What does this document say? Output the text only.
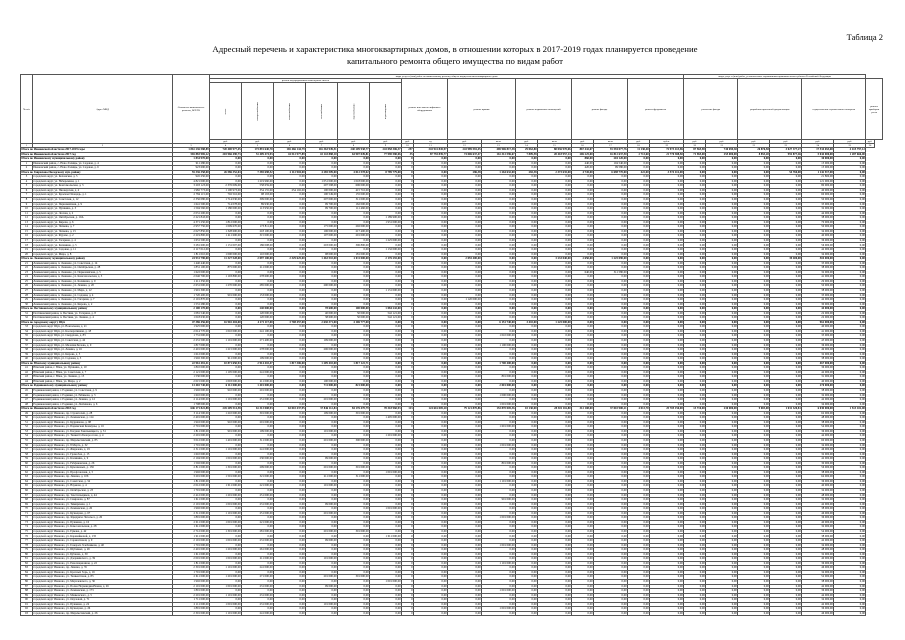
Таблица 2
Адресный перечень и характеристика многоквартирных домов, в отношении которых в 2017-2019 годах планируется проведение
капитального ремонта общего имущества по видам работ
№ п/п	Адрес МКД	Стоимость капитального ремонта, ВСЕГО	виды услуг и (или) работ по капитальному ремонту общего имущества многоквартирного дома																виды услуг и (или) работ, установленные нормативным правовым актом субъекта Российской Федерации						
			ремонт внутридомовых инженерных систем						ремонт или замена лифтового оборудования		ремонт крыши		ремонт подвальных помещений		ремонт фасада		ремонт фундамента		утепление фасада		разработка проектной документации		осуществление строительного контроля		ремонт приборов учета
			всего	электроснабжения	теплоснабжения	газоснабжения	водоснабжения	водоотведения																	
			руб.	руб.	руб.	руб.	руб.	руб.	руб.	ед.	руб.	кв.м.	руб.	кв.м.	руб.	кв.м.	руб.	куб.м.	руб.	руб.	руб.	руб.	руб.	руб.	руб.
1	2	3	4	5	6	7	8	9	10	11	12	13	14	15	16	17	18	19	20	21	22	23	24	25	26
Итого по Ивановской области на 2017-2019 годы		1 861 236 588,89	720 400 977,45	173 891 640,70	165 466 144,79	116 363 949,51	240 209 938,77	243 058 306,37	257	343 941 845,97	243 989 581,45	469 906 817,38	29 063,80	88 036 970,06	867 442,07	91 594 077,76	11 130,40	72 973 413,96	87 565,90	740 659,30	26 876,58	3 027 377,27	17 534 653,00	4 415 797,12	
Итого по Ивановской области на 2017 год		565 883 969,22	203 966 490,73	51 409 474,93	44 512 977,89	43 143 888,10	64 907 049,81	77 990 580,06	35	87 755 839,77	74 006 637,47	161 312 596,67	7 809,58	28 418 957,14	206 225,00	16 812 637,50	2 713,60	21 770 388,50	71 965,00	255 000,00	8 853,20	992 877,46	5 044 000,00	1 287 666,00	
Итого по Ивановскому муниципальному району		1 834 970,00	0,00	0,00	0,00	0,00	0,00	0,00	0	0,00	0,00	0,00	0,00	0,00	860,00	204 120,00	0,00	0,00	0,00	0,00	0,00	0,00	30 000,00	0,00	
1	Ивановский район, с. Ново-Талицы, ул. Садовая, д. 4	911 280,00	0,00	0,00	0,00	0,00	0,00	0,00	0	0,00	0,00	0,00	0,00	0,00	440,00	104 540,00	0,00	0,00	0,00	0,00	0,00	0,00	15 000,00	0,00	
2	Ивановский район, с. Ново-Талицы, ул. Садовая, д. 6	923 690,00	0,00	0,00	0,00	0,00	0,00	0,00	0	0,00	0,00	0,00	0,00	0,00	420,00	99 580,00	0,00	0,00	0,00	0,00	0,00	0,00	15 000,00	0,00	
Итого по Гаврилово-Посадскому мун. району		55 336 358,00	26 586 352,04	7 385 698,52	2 112 904,00	4 285 509,00	4 012 578,02	8 789 779,00	0	0,00	286,38	1 264 632,00	265,38	2 373 635,00	4 745,00	6 698 770,00	422,00	3 574 412,00	0,00	0,00	0,00	54 760,00	1 142 917,00	0,00	
3	городской округ, ул. Кохомская, д. 5	945 250,00	0,00	0,00	0,00	0,00	0,00	0,00	0	0,00	0,00	0,00	0,00	0,00	0,00	0,00	0,00	0,00	0,00	0,00	0,00	0,00	21 800,00	0,00	
4	городской округ, ул. Набережная, д. 1	4 821 000,00	0,00	1 219 960,00	0,00	1 051 000,00	1 018 000,00	0,00	0	0,00	0,00	0,00	0,00	0,00	0,00	0,00	0,00	0,00	0,00	0,00	0,00	0,00	121 000,00	0,00	
5	городской округ, ул. Комсомольская, д. 3	3 203 123,00	2 376 009,00	558 659,00	0,00	297 598,00	606 000,00	0,00	0	0,00	0,00	0,00	0,00	0,00	0,00	0,00	0,00	0,00	0,00	0,00	0,00	0,00	80 000,00	0,00	
6	городской округ, ул. Пионерская, д. 4	1 982 773,00	1 100 973,00	354 155,00	254 102,00	100 000,00	415 716,00	0,00	0	0,00	0,00	0,00	0,00	0,00	0,00	0,00	0,00	0,00	0,00	0,00	0,00	0,00	40 000,00	0,00	
7	городской округ, ул. Красная Площадь, д. 1	2 784 115,00	702 516,00	98 193,00	0,00	100 549,00	155 000,00	0,00	0	0,00	0,00	0,00	0,00	0,00	0,00	0,00	0,00	0,00	0,00	0,00	0,00	0,00	60 000,00	0,00	
8	городской округ, ул. Советская, д. 12	2 356 080,00	1 714 030,00	399 000,00	0,00	207 000,00	311 000,00	0,00	0	0,00	0,00	0,00	0,00	0,00	0,00	0,00	0,00	0,00	0,00	0,00	0,00	0,00	50 000,00	0,00	
9	городской округ, ул. Первомайская, д. 9	1 641 500,00	714 078,00	89 930,00	0,00	99 700,00	162 000,00	0,00	0	0,00	0,00	0,00	0,00	0,00	0,00	0,00	0,00	0,00	0,00	0,00	0,00	0,00	35 000,00	0,00	
10	городской округ, ул. Пушкина, д. 3	1 594 560,00	1 180 000,00	113 950,00	0,00	99 700,00	111 460,00	0,00	0	0,00	0,00	0,00	0,00	0,00	0,00	0,00	0,00	0,00	0,00	0,00	0,00	0,00	32 000,00	0,00	
11	городской округ, ул. Лесная, д. 2	2 031 200,00	0,00	0,00	0,00	0,00	0,00	0,00	0	0,00	0,00	0,00	0,00	0,00	0,00	0,00	0,00	0,00	0,00	0,00	0,00	0,00	44 000,00	0,00	
12	городской округ, ул. Октябрьская, д. 10А	2 221 843,00	0,00	0,00	0,00	0,00	0,00	1 189 900,00	0	0,00	0,00	0,00	0,00	0,00	0,00	0,00	0,00	0,00	0,00	0,00	0,00	0,00	38 000,00	0,00	
13	городской округ, ул. Кирова, д. 6	4 371 250,00	1 812 000,00	0,00	0,00	0,00	0,00	1 931 000,00	0	0,00	0,00	0,00	0,00	0,00	0,00	0,00	0,00	0,00	0,00	0,00	0,00	0,00	70 000,00	0,00	
14	городской округ, ул. Чапаева, д. 7	2 957 750,00	1 099 670,00	173 811,00	0,00	175 000,00	292 000,00	0,00	0	0,00	0,00	0,00	0,00	0,00	0,00	0,00	0,00	0,00	0,00	0,00	0,00	0,00	50 000,00	0,00	
15	городской округ, ул. Чапаева, д. 15	2 027 850,00	1 328 600,00	218 100,00	0,00	106 000,00	217 400,00	0,00	0	0,00	0,00	0,00	0,00	0,00	0,00	0,00	0,00	0,00	0,00	0,00	0,00	0,00	34 000,00	0,00	
16	городской округ, ул. Фрунзе, д. 2	2 219 800,00	1 411 600,00	315 000,00	0,00	107 000,00	201 000,00	0,00	0	0,00	0,00	0,00	0,00	0,00	0,00	0,00	0,00	0,00	0,00	0,00	0,00	0,00	40 000,00	0,00	
17	городской округ, ул. Гагарина, д. 4	1 631 500,00	0,00	0,00	0,00	0,00	0,00	1 225 000,00	0	0,00	0,00	0,00	0,00	0,00	0,00	0,00	0,00	0,00	0,00	0,00	0,00	0,00	36 000,00	0,00	
18	городской округ, ул. Калинина, д. 5	3 281 600,00	1 131 007,00	186 008,00	0,00	203 000,00	306 800,00	0,00	0	0,00	0,00	0,00	0,00	0,00	0,00	0,00	0,00	0,00	0,00	0,00	0,00	0,00	56 000,00	0,00	
19	городской округ, ул. Садовая, д. 11	2 117 012,00	0,00	0,00	0,00	0,00	0,00	1 132 000,00	0	0,00	0,00	0,00	0,00	0,00	0,00	0,00	0,00	0,00	0,00	0,00	0,00	0,00	42 000,00	0,00	
20	городской округ, ул. Мира, д. 8	1 811 010,00	1 000 000,00	110 000,00	0,00	98 000,00	181 000,00	0,00	0	0,00	0,00	0,00	0,00	0,00	0,00	0,00	0,00	0,00	0,00	0,00	0,00	0,00	34 000,00	0,00	
Итого по Лежневскому муниципальному району		24 931 790,00	11 327 528,00	2 097 100,00	2 329 625,00	1 463 510,00	2 011 000,00	2 176 292,00	0	0,00	2 055 400,00	0,00	0,00	3 233 040,00	2 650,00	1 225 090,00	0,00	0,00	0,00	0,00	0,00	39 400,00	504 000,00	0,00	
21	Лежневский район, п. Лежнево, ул. Советская, д. 14	1 440 440,00	0,00	0,00	0,00	0,00	0,00	0,00	0	0,00	0,00	0,00	0,00	0,00	0,00	0,00	0,00	0,00	0,00	0,00	0,00	0,00	33 000,00	0,00	
22	Лежневский район, п. Лежнево, ул. Октябрьская, д. 28	1 831 100,00	875 000,00	211 000,00	0,00	0,00	0,00	0,00	0	0,00	0,00	0,00	0,00	0,00	0,00	0,00	0,00	0,00	0,00	0,00	0,00	0,00	38 000,00	0,00	
23	Лежневский район, п. Лежнево, ул. Первомайская, д. 5	1 622 000,00	0,00	0,00	0,00	0,00	0,00	0,00	0	0,00	0,00	0,00	0,00	0,00	640,00	311 580,00	0,00	0,00	0,00	0,00	0,00	0,00	32 000,00	0,00	
24	Лежневский район, п. Лежнево, ул. Комсомольская, д. 3	2 046 700,00	1 193 800,00	278 600,00	0,00	0,00	0,00	0,00	0	0,00	0,00	0,00	0,00	0,00	0,00	0,00	0,00	0,00	0,00	0,00	0,00	0,00	41 000,00	0,00	
25	Лежневский район, п. Лежнево, ул. Калинина, д. 9	1 211 350,00	0,00	0,00	0,00	0,00	0,00	0,00	0	0,00	0,00	0,00	0,00	0,00	0,00	0,00	0,00	0,00	0,00	0,00	0,00	0,00	29 000,00	0,00	
26	Лежневский район, п. Лежнево, ул. Ленина, д. 20	2 631 000,00	1 270 000,00	285 000,00	0,00	290 000,00	0,00	0,00	0	0,00	0,00	0,00	0,00	0,00	0,00	0,00	0,00	0,00	0,00	0,00	0,00	0,00	50 000,00	0,00	
27	Лежневский район, п. Лежнево, ул. Мира, д. 12	1 901 300,00	0,00	0,00	0,00	0,00	0,00	1 131 000,00	0	0,00	0,00	0,00	0,00	0,00	0,00	0,00	0,00	0,00	0,00	0,00	0,00	0,00	38 000,00	0,00	
28	Лежневский район, п. Лежнево, ул. Садовая, д. 4	1 720 400,00	901 000,00	153 000,00	0,00	0,00	0,00	0,00	0	0,00	0,00	0,00	0,00	0,00	0,00	0,00	0,00	0,00	0,00	0,00	0,00	0,00	35 000,00	0,00	
29	Лежневский район, п. Лежнево, ул. Гагарина, д. 7	2 101 870,00	0,00	0,00	0,00	0,00	0,00	0,00	0	0,00	1 120 000,00	0,00	0,00	0,00	0,00	0,00	0,00	0,00	0,00	0,00	0,00	0,00	42 000,00	0,00	
30	Лежневский район, п. Лежнево, ул. Кирова, д. 2	1 531 280,00	0,00	0,00	0,00	0,00	0,00	0,00	0	0,00	0,00	0,00	0,00	0,00	0,00	0,00	0,00	0,00	0,00	0,00	0,00	0,00	30 000,00	0,00	
Итого по Пестяковскому муниципальному району		2 100 170,00	0,00	240 000,00	0,00	78 600,00	100 000,00	1 084 242,00	1	0,00	0,00	0,00	0,00	0,00	0,00	0,00	0,00	0,00	0,00	0,00	0,00	0,00	44 000,00	0,00	
31	Пестяковский район, п. Пестяки, ул. Гагарина, д. 8	1 081 540,00	0,00	120 000,00	0,00	40 000,00	50 000,00	542 121,00	1	0,00	0,00	0,00	0,00	0,00	0,00	0,00	0,00	0,00	0,00	0,00	0,00	0,00	22 000,00	0,00	
32	Пестяковский район, п. Пестяки, ул. Ленина, д. 4	1 018 630,00	0,00	120 000,00	0,00	38 600,00	50 000,00	542 121,00	0	0,00	0,00	0,00	0,00	0,00	0,00	0,00	0,00	0,00	0,00	0,00	0,00	0,00	22 000,00	0,00	
Итого по городскому округу Шуя		47 386 456,00	16 902 404,00	4 271 117,00	3 708 457,00	2 630 371,00	4 106 777,00	0,00	0	0,00	0,00	6 151 740,00	3 410,00	1 225 000,00	0,00	0,00	0,00	0,00	0,00	0,00	0,00	0,00	962 000,00	0,00	
33	городской округ Шуя, ул. Вокзальная, д. 21	1 925 000,00	0,00	0,00	0,00	0,00	0,00	0,00	0	0,00	0,00	0,00	0,00	0,00	0,00	0,00	0,00	0,00	0,00	0,00	0,00	0,00	40 000,00	0,00	
34	городской округ Шуя, ул. Кооперативная, д. 18	2 014 770,00	1 010 000,00	241 100,00	0,00	0,00	0,00	0,00	0	0,00	0,00	0,00	0,00	0,00	0,00	0,00	0,00	0,00	0,00	0,00	0,00	0,00	41 000,00	0,00	
35	городской округ Шуя, ул. Свердлова, д. 83	1 731 000,00	0,00	0,00	0,00	0,00	0,00	0,00	0	0,00	0,00	1 010 000,00	0,00	0,00	0,00	0,00	0,00	0,00	0,00	0,00	0,00	0,00	35 000,00	0,00	
36	городской округ Шуя, ул. Советская, д. 42	2 231 500,00	1 101 000,00	271 400,00	0,00	199 000,00	0,00	0,00	0	0,00	0,00	0,00	0,00	0,00	0,00	0,00	0,00	0,00	0,00	0,00	0,00	0,00	45 000,00	0,00	
37	городской округ Шуя, ул. Малахия Белова, д. 9	1 817 000,00	0,00	0,00	0,00	0,00	0,00	0,00	0	0,00	0,00	1 100 000,00	0,00	0,00	0,00	0,00	0,00	0,00	0,00	0,00	0,00	0,00	36 000,00	0,00	
38	городской округ Шуя, ул. Ленина, д. 16	2 401 000,00	1 215 000,00	278 000,00	0,00	206 000,00	0,00	0,00	0	0,00	0,00	0,00	0,00	0,00	0,00	0,00	0,00	0,00	0,00	0,00	0,00	0,00	49 000,00	0,00	
39	городской округ Шуя, ул. Кирова, д. 5	1 612 000,00	0,00	0,00	0,00	0,00	0,00	0,00	0	0,00	0,00	0,00	0,00	0,00	0,00	0,00	0,00	0,00	0,00	0,00	0,00	0,00	32 000,00	0,00	
40	городской округ Шуя, ул. Садовая, д. 3	1 902 300,00	911 000,00	199 000,00	0,00	0,00	0,00	0,00	0	0,00	0,00	0,00	0,00	0,00	0,00	0,00	0,00	0,00	0,00	0,00	0,00	0,00	38 000,00	0,00	
Итого по Южскому муниципальному району		22 961 481,41	10 871 650,94	2 914 410,47	1 817 306,00	1 209 410,00	1 817 122,71	0,00	0	0,00	0,00	1 700 400,00	0,00	0,00	0,00	0,00	0,00	0,00	0,00	0,00	0,00	0,00	467 000,00	0,00	
41	Южский район, г. Южа, ул. Пушкина, д. 10	1 810 000,00	0,00	0,00	0,00	0,00	0,00	0,00	0	0,00	0,00	0,00	0,00	0,00	0,00	0,00	0,00	0,00	0,00	0,00	0,00	0,00	36 000,00	0,00	
42	Южский район, г. Южа, ул. Советская, д. 7	2 121 000,00	1 105 000,00	241 000,00	0,00	0,00	0,00	0,00	0	0,00	0,00	0,00	0,00	0,00	0,00	0,00	0,00	0,00	0,00	0,00	0,00	0,00	42 000,00	0,00	
43	Южский район, г. Южа, ул. Ленина, д. 15	1 530 000,00	0,00	0,00	0,00	0,00	0,00	0,00	0	0,00	0,00	801 000,00	0,00	0,00	0,00	0,00	0,00	0,00	0,00	0,00	0,00	0,00	31 000,00	0,00	
44	Южский район, г. Южа, ул. Мира, д. 2	2 015 000,00	1 003 000,00	211 000,00	0,00	100 000,00	0,00	0,00	0	0,00	0,00	0,00	0,00	0,00	0,00	0,00	0,00	0,00	0,00	0,00	0,00	0,00	40 000,00	0,00	
Итого по Родниковскому муниципальному району		13 402 740,00	6 112 000,00	1 401 000,00	0,00	711 000,00	821 000,00	0,00	0	0,00	0,00	2 001 000,00	0,00	0,00	0,00	0,00	0,00	0,00	0,00	0,00	0,00	0,00	270 000,00	0,00	
45	Родниковский район, г. Родники, ул. Советская, д. 9	1 902 000,00	910 000,00	201 000,00	0,00	0,00	0,00	0,00	0	0,00	0,00	0,00	0,00	0,00	0,00	0,00	0,00	0,00	0,00	0,00	0,00	0,00	38 000,00	0,00	
46	Родниковский район, г. Родники, ул. Рябикова, д. 3	1 610 000,00	0,00	0,00	0,00	0,00	0,00	0,00	0	0,00	0,00	1 000 000,00	0,00	0,00	0,00	0,00	0,00	0,00	0,00	0,00	0,00	0,00	32 000,00	0,00	
47	Родниковский район, г. Родники, ул. Ленина, д. 12	2 114 000,00	1 101 000,00	251 000,00	0,00	201 000,00	0,00	0,00	0	0,00	0,00	0,00	0,00	0,00	0,00	0,00	0,00	0,00	0,00	0,00	0,00	0,00	42 000,00	0,00	
48	Родниковский район, г. Родники, ул. Любимова, д. 6	1 708 000,00	0,00	0,00	0,00	0,00	0,00	0,00	0	0,00	0,00	1 001 000,00	0,00	0,00	0,00	0,00	0,00	0,00	0,00	0,00	0,00	0,00	34 000,00	0,00	
Итого по Ивановской области на 2018 год		646 171 822,88	245 209 514,58	61 313 008,93	63 010 437,95	37 846 112,84	84 176 470,79	78 318 960,93	113	124 616 005,20	79 121 870,86	153 870 005,36	10 130,00	28 301 116,80	312 108,00	37 010 900,21	4 013,70	25 705 150,00	13 710,00	230 000,00	9 003,00	1 031 320,81	6 030 000,00	1 513 102,00	
49	городской округ Иваново, пр. Строителей, д. 28	3 114 500,00	1 210 000,00	301 000,00	0,00	199 000,00	301 000,00	0,00	0	0,00	0,00	0,00	0,00	0,00	0,00	0,00	0,00	0,00	0,00	0,00	0,00	0,00	62 000,00	0,00	
50	городской округ Иваново, ул. Лежневская, д. 114	2 401 000,00	0,00	0,00	0,00	0,00	0,00	1 405 000,00	0	0,00	0,00	0,00	0,00	0,00	0,00	0,00	0,00	0,00	0,00	0,00	0,00	0,00	48 000,00	0,00	
51	городской округ Иваново, ул. Кудряшова, д. 98	1 916 000,00	910 000,00	201 000,00	0,00	0,00	0,00	0,00	0	0,00	0,00	0,00	0,00	0,00	0,00	0,00	0,00	0,00	0,00	0,00	0,00	0,00	38 000,00	0,00	
52	городской округ Иваново, ул. Парижской Коммуны, д. 16	2 701 000,00	0,00	0,00	0,00	0,00	0,00	0,00	0	0,00	0,00	1 601 000,00	0,00	0,00	0,00	0,00	0,00	0,00	0,00	0,00	0,00	0,00	54 000,00	0,00	
53	городской округ Иваново, ул. Богдана Хмельницкого, д. 31	1 811 000,00	901 000,00	199 000,00	0,00	101 000,00	0,00	0,00	0	0,00	0,00	0,00	0,00	0,00	0,00	0,00	0,00	0,00	0,00	0,00	0,00	0,00	36 000,00	0,00	
54	городской округ Иваново, ул. Танкиста Белороссова, д. 4	2 201 000,00	0,00	0,00	0,00	0,00	0,00	1 201 000,00	0	0,00	0,00	0,00	0,00	0,00	0,00	0,00	0,00	0,00	0,00	0,00	0,00	0,00	44 000,00	0,00	
55	городской округ Иваново, пр. Шереметевский, д. 85	3 012 000,00	1 401 000,00	311 000,00	0,00	201 000,00	300 000,00	0,00	0	0,00	0,00	0,00	0,00	0,00	0,00	0,00	0,00	0,00	0,00	0,00	0,00	0,00	60 000,00	0,00	
56	городской округ Иваново, ул. 8 Марта, д. 32	1 701 000,00	0,00	0,00	0,00	0,00	0,00	0,00	0	0,00	0,00	1 001 000,00	0,00	0,00	0,00	0,00	0,00	0,00	0,00	0,00	0,00	0,00	34 000,00	0,00	
57	городской округ Иваново, ул. Жиделева, д. 19	2 311 000,00	1 101 000,00	241 000,00	0,00	0,00	0,00	0,00	0	0,00	0,00	0,00	0,00	0,00	0,00	0,00	0,00	0,00	0,00	0,00	0,00	0,00	46 000,00	0,00	
58	городской округ Иваново, ул. Громобоя, д. 15	1 610 000,00	0,00	0,00	0,00	0,00	0,00	0,00	0	0,00	0,00	0,00	0,00	0,00	0,00	0,00	0,00	0,00	0,00	0,00	0,00	0,00	32 000,00	0,00	
59	городской округ Иваново, ул. Калинина, д. 9	2 104 000,00	1 001 000,00	230 000,00	0,00	99 000,00	0,00	0,00	0	0,00	0,00	0,00	0,00	0,00	0,00	0,00	0,00	0,00	0,00	0,00	0,00	0,00	42 000,00	0,00	
60	городской округ Иваново, ул. Рабфаковская, д. 26	1 502 000,00	0,00	0,00	0,00	0,00	0,00	0,00	0	0,00	0,00	801 000,00	0,00	0,00	0,00	0,00	0,00	0,00	0,00	0,00	0,00	0,00	30 000,00	0,00	
61	городской округ Иваново, ул. Куконковых, д. 136	2 811 000,00	1 301 000,00	299 000,00	0,00	201 000,00	301 000,00	0,00	0	0,00	0,00	0,00	0,00	0,00	0,00	0,00	0,00	0,00	0,00	0,00	0,00	0,00	56 000,00	0,00	
62	городской округ Иваново, ул. Профсоюзная, д. 5	1 902 000,00	0,00	0,00	0,00	0,00	0,00	1 001 000,00	0	0,00	0,00	0,00	0,00	0,00	0,00	0,00	0,00	0,00	0,00	0,00	0,00	0,00	38 000,00	0,00	
63	городской округ Иваново, пр. Ленина, д. 106	3 201 000,00	1 501 000,00	321 000,00	0,00	211 000,00	311 000,00	0,00	0	0,00	0,00	0,00	0,00	0,00	0,00	0,00	0,00	0,00	0,00	0,00	0,00	0,00	64 000,00	0,00	
64	городской округ Иваново, ул. Советская, д. 34	1 811 000,00	0,00	0,00	0,00	0,00	0,00	0,00	0	0,00	0,00	1 101 000,00	0,00	0,00	0,00	0,00	0,00	0,00	0,00	0,00	0,00	0,00	36 000,00	0,00	
65	городской округ Иваново, ул. Наумова, д. 4	2 012 000,00	1 011 000,00	221 000,00	0,00	101 000,00	0,00	0,00	0	0,00	0,00	0,00	0,00	0,00	0,00	0,00	0,00	0,00	0,00	0,00	0,00	0,00	40 000,00	0,00	
66	городской округ Иваново, ул. Октябрьская, д. 23	1 701 000,00	0,00	0,00	0,00	0,00	0,00	0,00	0	0,00	0,00	0,00	0,00	0,00	0,00	0,00	0,00	0,00	0,00	0,00	0,00	0,00	34 000,00	0,00	
67	городской округ Иваново, пр. Текстильщиков, д. 44	2 412 000,00	1 201 000,00	251 000,00	0,00	0,00	0,00	0,00	0	0,00	0,00	0,00	0,00	0,00	0,00	0,00	0,00	0,00	0,00	0,00	0,00	0,00	48 000,00	0,00	
68	городской округ Иваново, ул. Смирнова, д. 87	1 611 000,00	0,00	0,00	0,00	0,00	0,00	0,00	0	0,00	0,00	901 000,00	0,00	0,00	0,00	0,00	0,00	0,00	0,00	0,00	0,00	0,00	32 000,00	0,00	
69	городской округ Иваново, ул. Тимирязева, д. 1	2 101 000,00	1 001 000,00	231 000,00	0,00	99 000,00	0,00	0,00	0	0,00	0,00	0,00	0,00	0,00	0,00	0,00	0,00	0,00	0,00	0,00	0,00	0,00	42 000,00	0,00	
70	городской округ Иваново, ул. Лежневская, д. 26	1 902 000,00	0,00	0,00	0,00	0,00	0,00	1 001 000,00	0	0,00	0,00	0,00	0,00	0,00	0,00	0,00	0,00	0,00	0,00	0,00	0,00	0,00	38 000,00	0,00	
71	городской округ Иваново, ул. Кузнецова, д. 67	2 311 000,00	1 101 000,00	251 000,00	0,00	201 000,00	0,00	0,00	0	0,00	0,00	0,00	0,00	0,00	0,00	0,00	0,00	0,00	0,00	0,00	0,00	0,00	46 000,00	0,00	
72	городской округ Иваново, пр. Фридриха Энгельса, д. 26	1 801 000,00	0,00	0,00	0,00	0,00	0,00	0,00	0	0,00	0,00	1 001 000,00	0,00	0,00	0,00	0,00	0,00	0,00	0,00	0,00	0,00	0,00	36 000,00	0,00	
73	городской округ Иваново, ул. Пушкина, д. 16	2 011 000,00	1 001 000,00	221 000,00	0,00	0,00	0,00	0,00	0	0,00	0,00	0,00	0,00	0,00	0,00	0,00	0,00	0,00	0,00	0,00	0,00	0,00	40 000,00	0,00	
74	городской округ Иваново, ул. Комсомольская, д. 28	1 611 000,00	0,00	0,00	0,00	0,00	0,00	0,00	0	0,00	0,00	0,00	0,00	0,00	0,00	0,00	0,00	0,00	0,00	0,00	0,00	0,00	32 000,00	0,00	
75	городской округ Иваново, ул. Ермака, д. 42	2 712 000,00	1 301 000,00	281 000,00	0,00	201 000,00	301 000,00	0,00	0	0,00	0,00	0,00	0,00	0,00	0,00	0,00	0,00	0,00	0,00	0,00	0,00	0,00	54 000,00	0,00	
76	городской округ Иваново, ул. Каравайковой, д. 135	1 911 000,00	0,00	0,00	0,00	0,00	0,00	1 011 000,00	0	0,00	0,00	0,00	0,00	0,00	0,00	0,00	0,00	0,00	0,00	0,00	0,00	0,00	38 000,00	0,00	
77	городской округ Иваново, ул. Сарментовой, д. 9	2 101 000,00	1 001 000,00	231 000,00	0,00	99 000,00	0,00	0,00	0	0,00	0,00	0,00	0,00	0,00	0,00	0,00	0,00	0,00	0,00	0,00	0,00	0,00	42 000,00	0,00	
78	городской округ Иваново, ул. Генерала Хлебникова, д. 40	1 701 000,00	0,00	0,00	0,00	0,00	0,00	0,00	0	0,00	0,00	1 001 000,00	0,00	0,00	0,00	0,00	0,00	0,00	0,00	0,00	0,00	0,00	34 000,00	0,00	
79	городской округ Иваново, ул. Шубиных, д. 26	2 401 000,00	1 201 000,00	261 000,00	0,00	0,00	0,00	0,00	0	0,00	0,00	0,00	0,00	0,00	0,00	0,00	0,00	0,00	0,00	0,00	0,00	0,00	48 000,00	0,00	
80	городской округ Иваново, ул. Бубнова, д. 30	1 611 000,00	0,00	0,00	0,00	0,00	0,00	0,00	0	0,00	0,00	0,00	0,00	0,00	0,00	0,00	0,00	0,00	0,00	0,00	0,00	0,00	32 000,00	0,00	
81	городской округ Иваново, ул. Дзержинского, д. 39	2 001 000,00	1 001 000,00	211 000,00	0,00	101 000,00	0,00	0,00	0	0,00	0,00	0,00	0,00	0,00	0,00	0,00	0,00	0,00	0,00	0,00	0,00	0,00	40 000,00	0,00	
82	городской округ Иваново, ул. Революционная, д. 22	1 811 000,00	0,00	0,00	0,00	0,00	0,00	0,00	0	0,00	0,00	1 101 000,00	0,00	0,00	0,00	0,00	0,00	0,00	0,00	0,00	0,00	0,00	36 000,00	0,00	
83	городской округ Иваново, пр. Ленина, д. 35	2 301 000,00	1 101 000,00	241 000,00	0,00	0,00	0,00	0,00	0	0,00	0,00	0,00	0,00	0,00	0,00	0,00	0,00	0,00	0,00	0,00	0,00	0,00	46 000,00	0,00	
84	городской округ Иваново, ул. Красных Зорь, д. 16	1 701 000,00	0,00	0,00	0,00	0,00	0,00	0,00	0	0,00	0,00	0,00	0,00	0,00	0,00	0,00	0,00	0,00	0,00	0,00	0,00	0,00	34 000,00	0,00	
85	городской округ Иваново, ул. Ташкентская, д. 83	2 611 000,00	1 201 000,00	271 000,00	0,00	201 000,00	301 000,00	0,00	0	0,00	0,00	0,00	0,00	0,00	0,00	0,00	0,00	0,00	0,00	0,00	0,00	0,00	52 000,00	0,00	
86	городской округ Иваново, ул. Мархлевского, д. 36	1 902 000,00	0,00	0,00	0,00	0,00	0,00	1 001 000,00	0	0,00	0,00	0,00	0,00	0,00	0,00	0,00	0,00	0,00	0,00	0,00	0,00	0,00	38 000,00	0,00	
87	городской округ Иваново, ул. Полка Нормандия-Неман, д. 26	2 101 000,00	1 001 000,00	231 000,00	0,00	99 000,00	0,00	0,00	0	0,00	0,00	0,00	0,00	0,00	0,00	0,00	0,00	0,00	0,00	0,00	0,00	0,00	42 000,00	0,00	
88	городской округ Иваново, ул. Лежневская, д. 173	1 801 000,00	0,00	0,00	0,00	0,00	0,00	0,00	0	0,00	0,00	1 001 000,00	0,00	0,00	0,00	0,00	0,00	0,00	0,00	0,00	0,00	0,00	36 000,00	0,00	
89	городской округ Иваново, ул. Маяковского, д. 5	2 201 000,00	1 101 000,00	231 000,00	0,00	0,00	0,00	0,00	0	0,00	0,00	0,00	0,00	0,00	0,00	0,00	0,00	0,00	0,00	0,00	0,00	0,00	44 000,00	0,00	
90	городской округ Иваново, ул. Окуловой, д. 71	1 711 000,00	0,00	0,00	0,00	0,00	0,00	0,00	0	0,00	0,00	0,00	0,00	0,00	0,00	0,00	0,00	0,00	0,00	0,00	0,00	0,00	34 000,00	0,00	
91	городской округ Иваново, ул. Пушкина, д. 24	2 111 000,00	1 001 000,00	231 000,00	0,00	101 000,00	0,00	0,00	0	0,00	0,00	0,00	0,00	0,00	0,00	0,00	0,00	0,00	0,00	0,00	0,00	0,00	42 000,00	0,00	
92	городской округ Иваново, ул. Кузнецова, д. 26	1 801 000,00	0,00	0,00	0,00	0,00	0,00	0,00	0	0,00	0,00	1 001 000,00	0,00	0,00	0,00	0,00	0,00	0,00	0,00	0,00	0,00	0,00	36 000,00	0,00	
93	городской округ Иваново, пр. Шереметевский, д. 26	2 301 000,00	1 101 000,00	241 000,00	0,00	0,00	0,00	0,00	0	0,00	0,00	0,00	0,00	0,00	0,00	0,00	0,00	0,00	0,00	0,00	0,00	0,00	46 000,00	0,00	
